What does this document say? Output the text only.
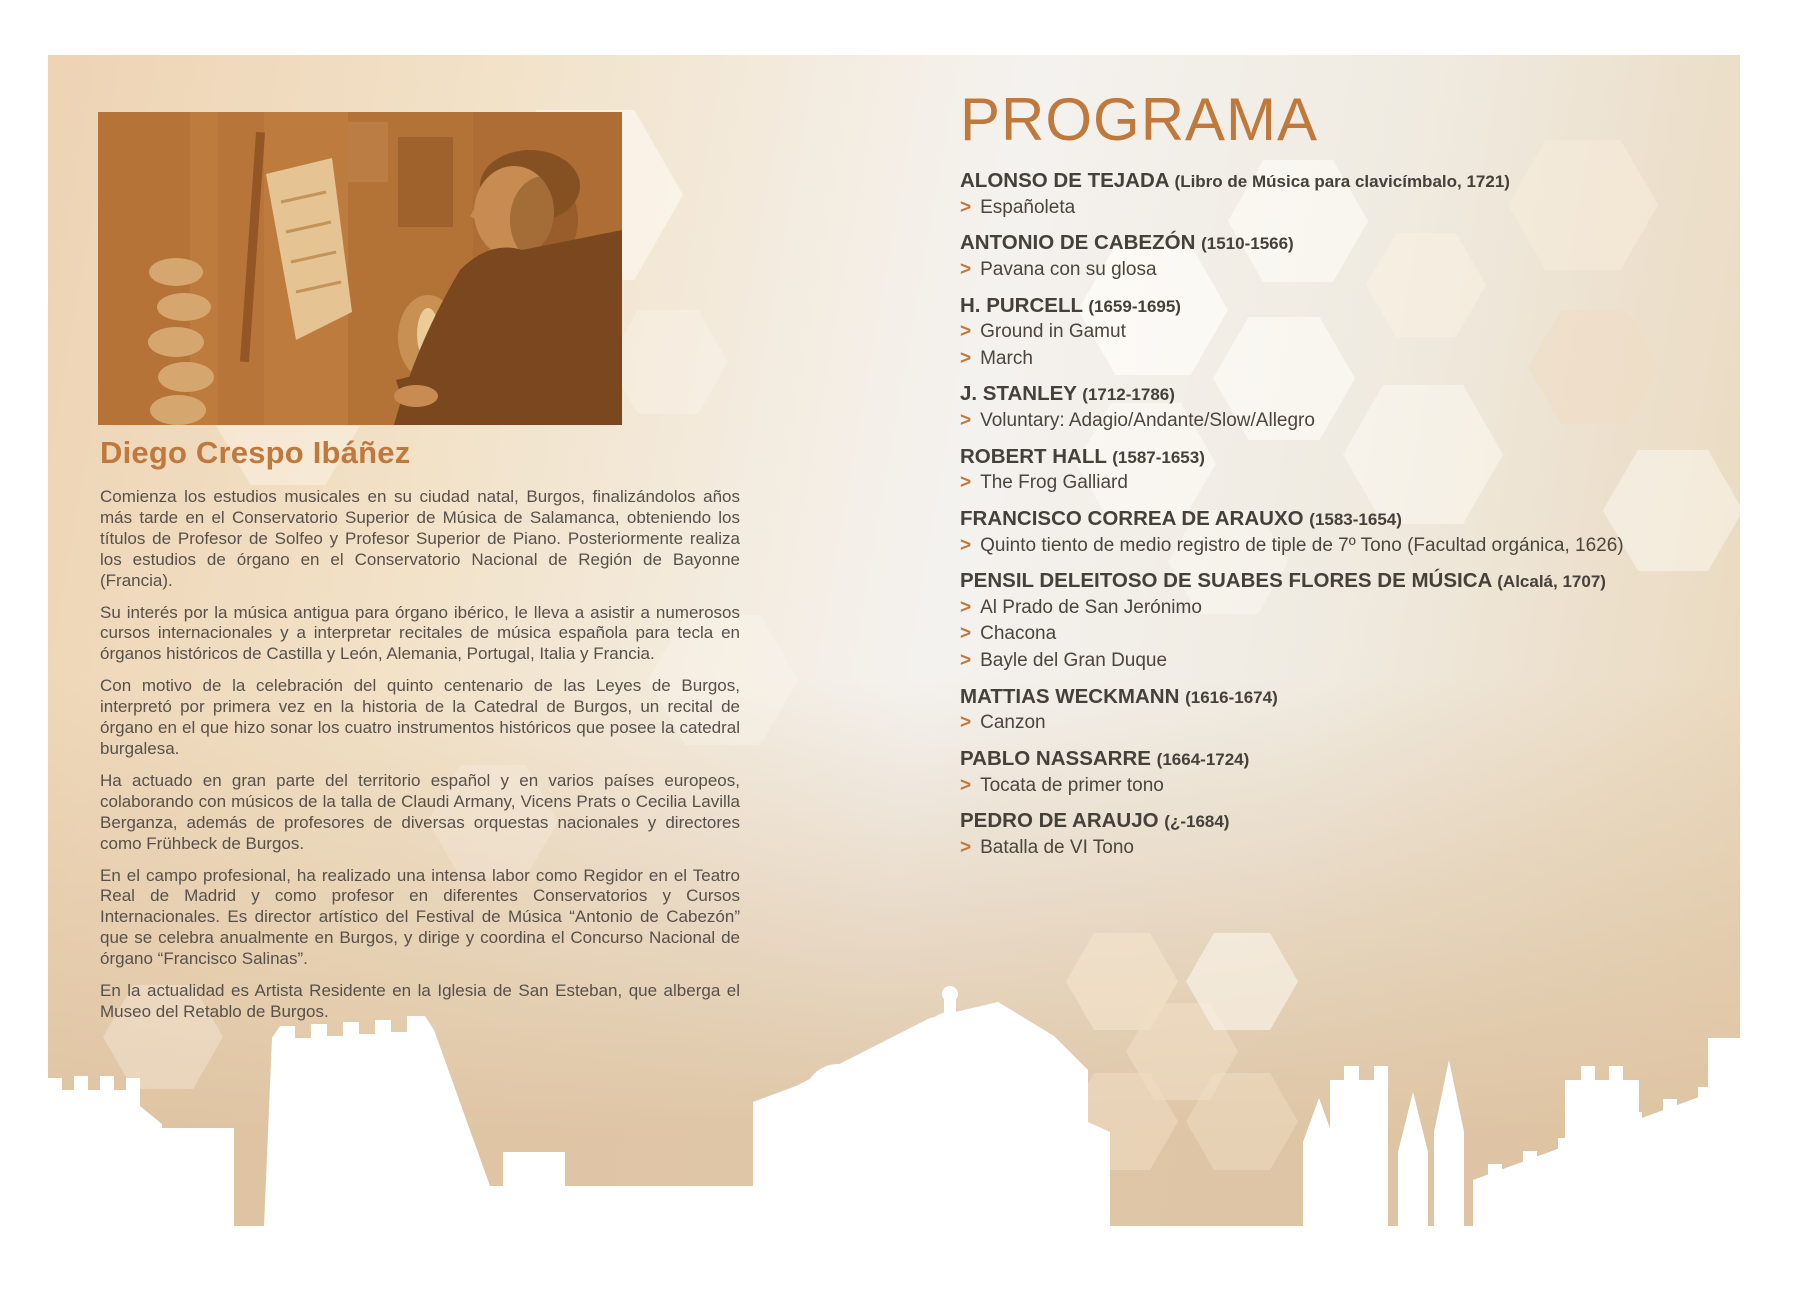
Diego Crespo Ibáñez

Comienza los estudios musicales en su ciudad natal, Burgos, finalizándolos años más tarde en el Conservatorio Superior de Música de Salamanca, obteniendo los títulos de Profesor de Solfeo y Profesor Superior de Piano. Posteriormente realiza los estudios de órgano en el Conservatorio Nacional de Región de Bayonne (Francia).

Su interés por la música antigua para órgano ibérico, le lleva a asistir a numerosos cursos internacionales y a interpretar recitales de música española para tecla en órganos históricos de Castilla y León, Alemania, Portugal, Italia y Francia.

Con motivo de la celebración del quinto centenario de las Leyes de Burgos, interpretó por primera vez en la historia de la Catedral de Burgos, un recital de órgano en el que hizo sonar los cuatro instrumentos históricos que posee la catedral burgalesa.

Ha actuado en gran parte del territorio español y en varios países europeos, colaborando con músicos de la talla de Claudi Armany, Vicens Prats o Cecilia Lavilla Berganza, además de profesores de diversas orquestas nacionales y directores como Frühbeck de Burgos.

En el campo profesional, ha realizado una intensa labor como Regidor en el Teatro Real de Madrid y como profesor en diferentes Conservatorios y Cursos Internacionales. Es director artístico del Festival de Música “Antonio de Cabezón” que se celebra anualmente en Burgos, y dirige y coordina el Concurso Nacional de órgano “Francisco Salinas”.

En la actualidad es Artista Residente en la Iglesia de San Esteban, que alberga el Museo del Retablo de Burgos.

PROGRAMA
ALONSO DE TEJADA (Libro de Música para clavicímbalo, 1721)
> Españoleta
ANTONIO DE CABEZÓN (1510-1566)
> Pavana con su glosa
H. PURCELL (1659-1695)
> Ground in Gamut
> March
J. STANLEY (1712-1786)
> Voluntary: Adagio/Andante/Slow/Allegro
ROBERT HALL (1587-1653)
> The Frog Galliard
FRANCISCO CORREA DE ARAUXO (1583-1654)
> Quinto tiento de medio registro de tiple de 7º Tono (Facultad orgánica, 1626)
PENSIL DELEITOSO DE SUABES FLORES DE MÚSICA (Alcalá, 1707)
> Al Prado de San Jerónimo
> Chacona
> Bayle del Gran Duque
MATTIAS WECKMANN (1616-1674)
> Canzon
PABLO NASSARRE (1664-1724)
> Tocata de primer tono
PEDRO DE ARAUJO (¿-1684)
> Batalla de VI Tono
